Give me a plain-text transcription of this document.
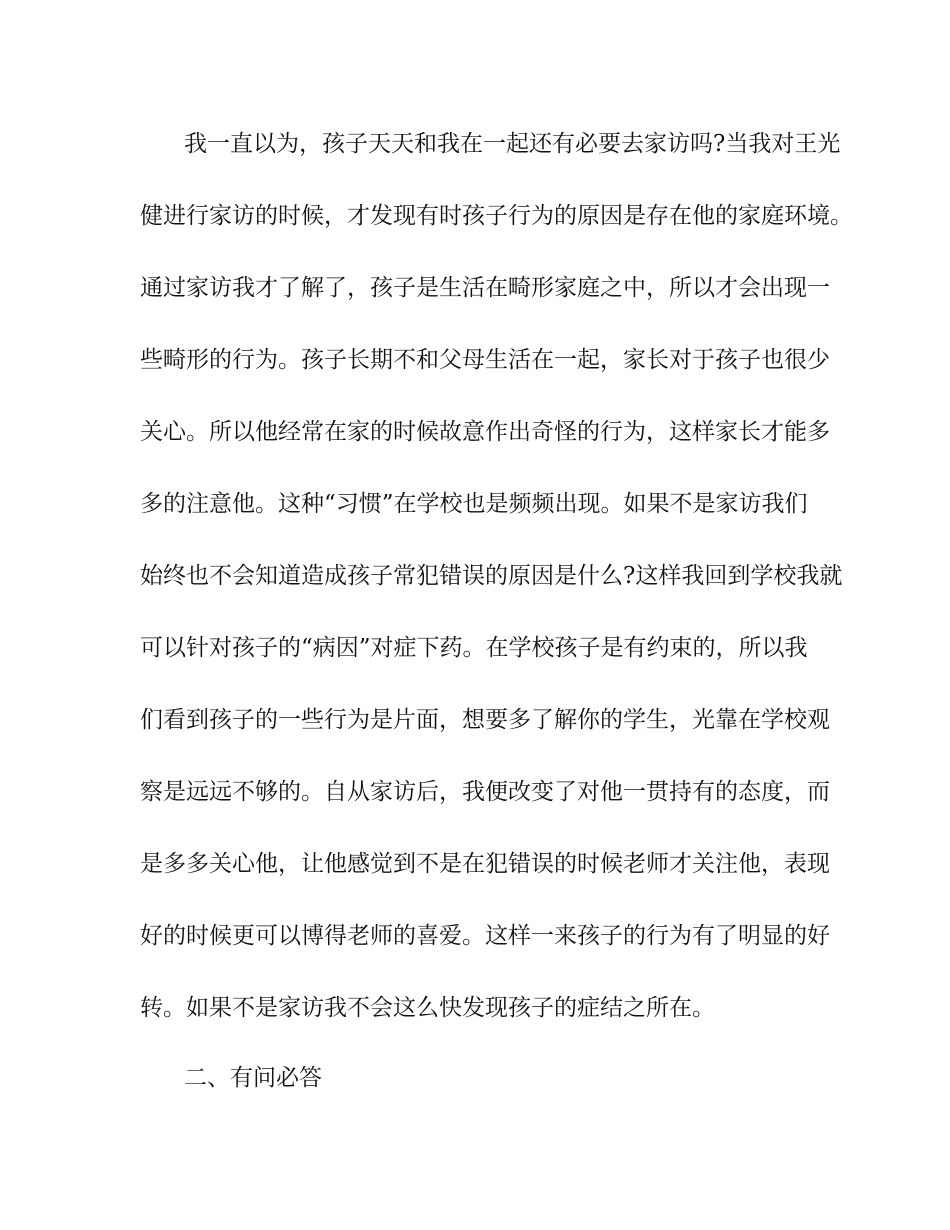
我一直以为，孩子天天和我在一起还有必要去家访吗?当我对王光
健进行家访的时候，才发现有时孩子行为的原因是存在他的家庭环境。
通过家访我才了解了，孩子是生活在畸形家庭之中，所以才会出现一
些畸形的行为。孩子长期不和父母生活在一起，家长对于孩子也很少
关心。所以他经常在家的时候故意作出奇怪的行为，这样家长才能多
多的注意他。这种“习惯”在学校也是频频出现。如果不是家访我们
始终也不会知道造成孩子常犯错误的原因是什么?这样我回到学校我就
可以针对孩子的“病因”对症下药。在学校孩子是有约束的，所以我
们看到孩子的一些行为是片面，想要多了解你的学生，光靠在学校观
察是远远不够的。自从家访后，我便改变了对他一贯持有的态度，而
是多多关心他，让他感觉到不是在犯错误的时候老师才关注他，表现
好的时候更可以博得老师的喜爱。这样一来孩子的行为有了明显的好
转。如果不是家访我不会这么快发现孩子的症结之所在。
二、有问必答
